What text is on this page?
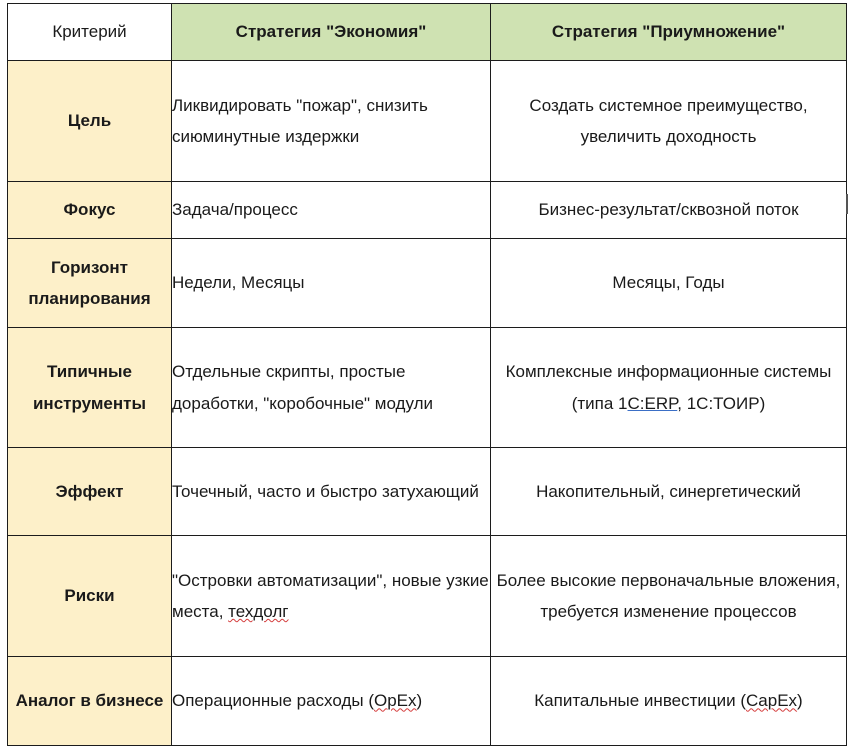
Критерий	Стратегия "Экономия"	Стратегия "Приумножение"
Цель	Ликвидировать "пожар", снизить сиюминутные издержки	Создать системное преимущество, увеличить доходность
Фокус	Задача/процесс	Бизнес-результат/сквозной поток
Горизонт планирования	Недели, Месяцы	Месяцы, Годы
Типичные инструменты	Отдельные скрипты, простые доработки, "коробочные" модули	Комплексные информационные системы (типа 1С:ERP, 1С:ТОИР)
Эффект	Точечный, часто и быстро затухающий	Накопительный, синергетический
Риски	"Островки автоматизации", новые узкие места, техдолг	Более высокие первоначальные вложения, требуется изменение процессов
Аналог в бизнесе	Операционные расходы (OpEx)	Капитальные инвестиции (CapEx)
